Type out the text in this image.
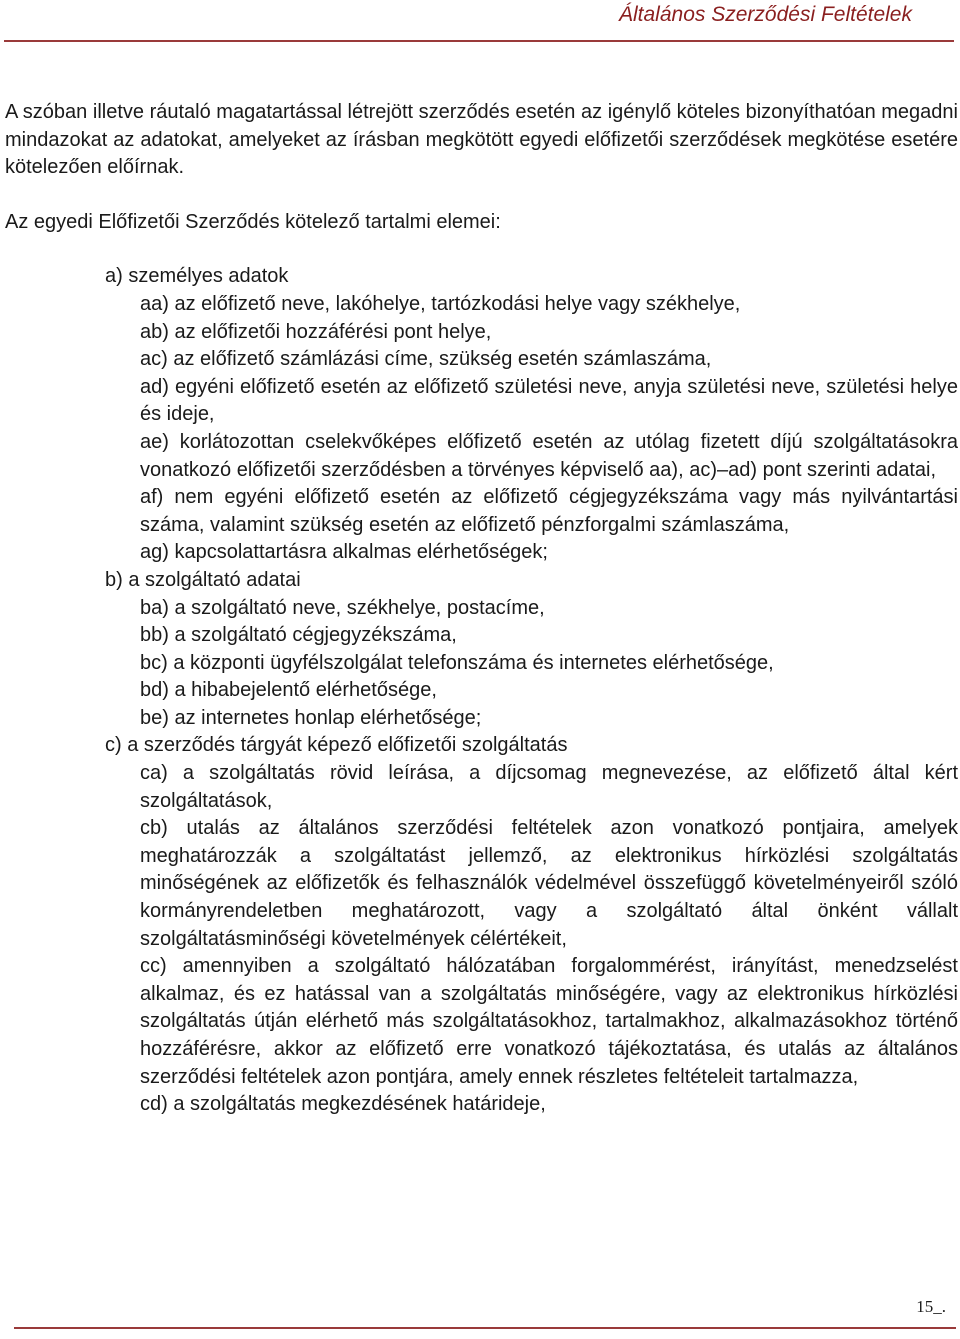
Általános Szerződési Feltételek

A szóban illetve ráutaló magatartással létrejött szerződés esetén az igénylő köteles bizonyíthatóan megadni mindazokat az adatokat, amelyeket az írásban megkötött egyedi előfizetői szerződések megkötése esetére kötelezően előírnak.

Az egyedi Előfizetői Szerződés kötelező tartalmi elemei:

a) személyes adatok
aa) az előfizető neve, lakóhelye, tartózkodási helye vagy székhelye,
ab) az előfizetői hozzáférési pont helye,
ac) az előfizető számlázási címe, szükség esetén számlaszáma,
ad) egyéni előfizető esetén az előfizető születési neve, anyja születési neve, születési helye és ideje,
ae) korlátozottan cselekvőképes előfizető esetén az utólag fizetett díjú szolgáltatásokra vonatkozó előfizetői szerződésben a törvényes képviselő aa), ac)–ad) pont szerinti adatai,
af) nem egyéni előfizető esetén az előfizető cégjegyzékszáma vagy más nyilvántartási száma, valamint szükség esetén az előfizető pénzforgalmi számlaszáma,
ag) kapcsolattartásra alkalmas elérhetőségek;
b) a szolgáltató adatai
ba) a szolgáltató neve, székhelye, postacíme,
bb) a szolgáltató cégjegyzékszáma,
bc) a központi ügyfélszolgálat telefonszáma és internetes elérhetősége,
bd) a hibabejelentő elérhetősége,
be) az internetes honlap elérhetősége;
c) a szerződés tárgyát képező előfizetői szolgáltatás
ca) a szolgáltatás rövid leírása, a díjcsomag megnevezése, az előfizető által kért szolgáltatások,
cb) utalás az általános szerződési feltételek azon vonatkozó pontjaira, amelyek meghatározzák a szolgáltatást jellemző, az elektronikus hírközlési szolgáltatás minőségének az előfizetők és felhasználók védelmével összefüggő követelményeiről szóló kormányrendeletben meghatározott, vagy a szolgáltató által önként vállalt szolgáltatásminőségi követelmények célértékeit,
cc) amennyiben a szolgáltató hálózatában forgalommérést, irányítást, menedzselést alkalmaz, és ez hatással van a szolgáltatás minőségére, vagy az elektronikus hírközlési szolgáltatás útján elérhető más szolgáltatásokhoz, tartalmakhoz, alkalmazásokhoz történő hozzáférésre, akkor az előfizető erre vonatkozó tájékoztatása, és utalás az általános szerződési feltételek azon pontjára, amely ennek részletes feltételeit tartalmazza,
cd) a szolgáltatás megkezdésének határideje,
15_.
